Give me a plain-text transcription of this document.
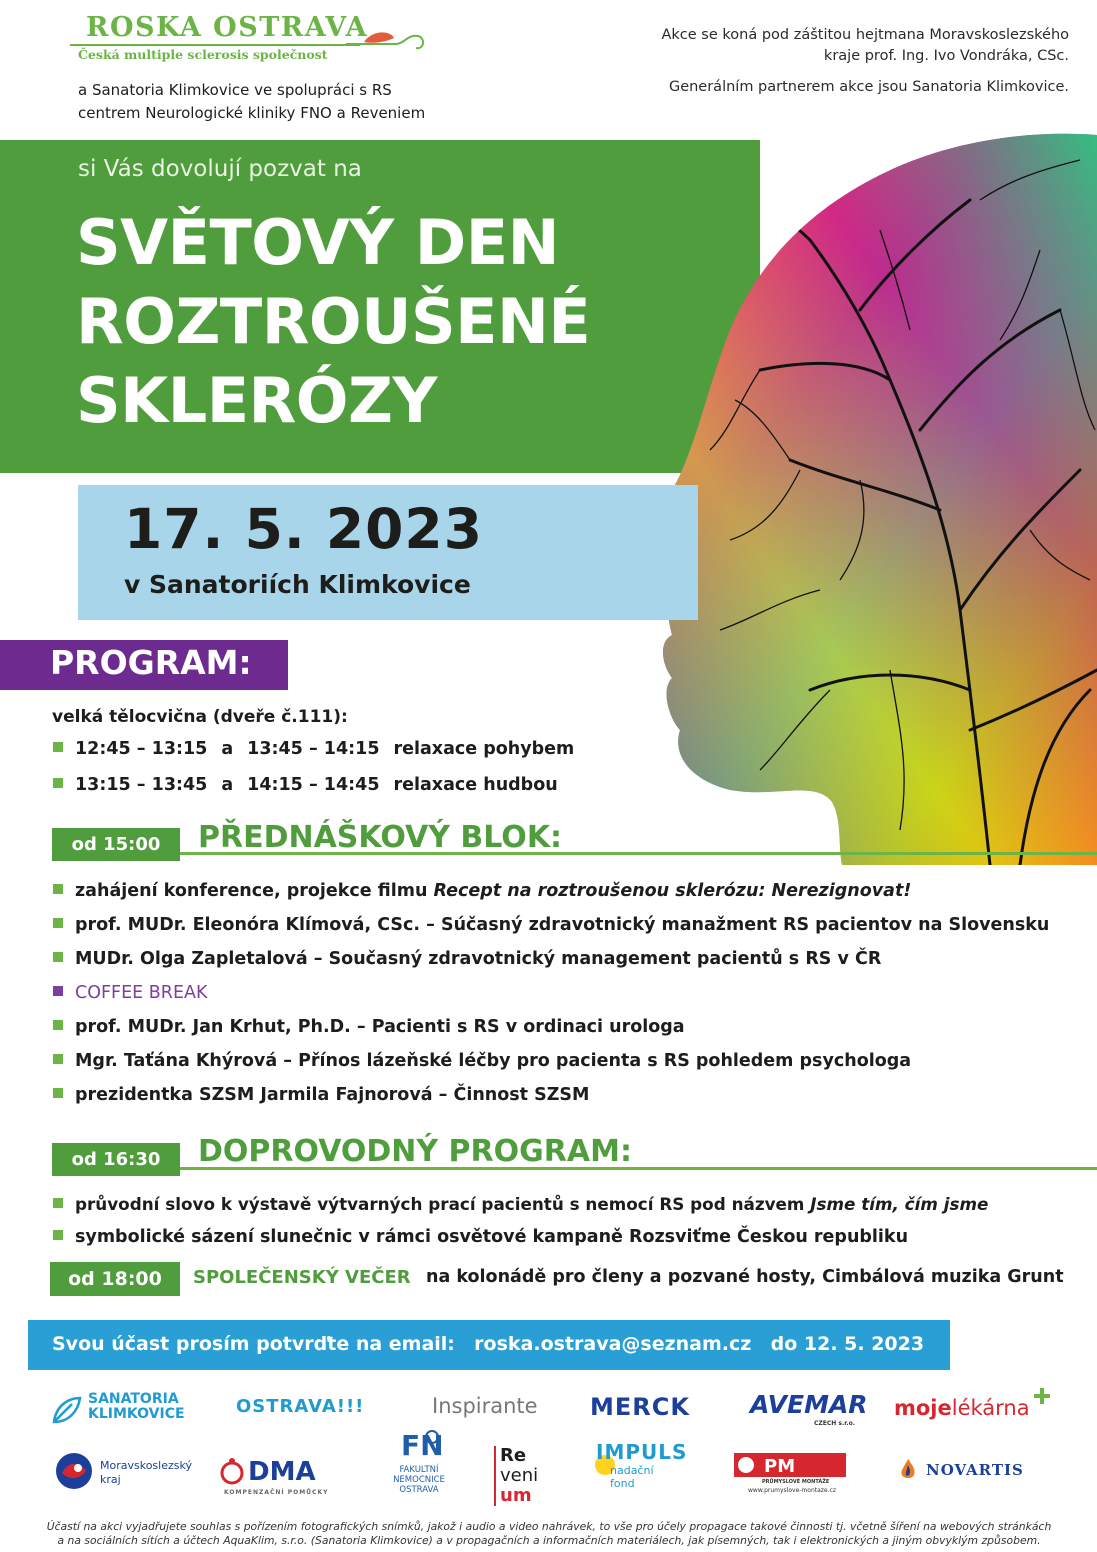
ROSKA OSTRAVA
Česká multiple sclerosis společnost
a Sanatoria Klimkovice ve spolupráci s RS
centrem Neurologické kliniky FNO a Reveniem
Akce se koná pod záštitou hejtmana Moravskoslezského
kraje prof. Ing. Ivo Vondráka, CSc.
Generálním partnerem akce jsou Sanatoria Klimkovice.
si Vás dovolují pozvat na
SVĚTOVÝ DEN
ROZTROUŠENÉ
SKLERÓZY
17. 5. 2023
v Sanatoriích Klimkovice
PROGRAM:
velká tělocvična (dveře č.111):
12:45 – 13:15 a 13:45 – 14:15 relaxace pohybem
13:15 – 13:45 a 14:15 – 14:45 relaxace hudbou
od 15:00	PŘEDNÁŠKOVÝ BLOK:
zahájení konference, projekce filmu Recept na roztroušenou sklerózu: Nerezignovat!
prof. MUDr. Eleonóra Klímová, CSc. – Súčasný zdravotnický manažment RS pacientov na Slovensku
MUDr. Olga Zapletalová – Současný zdravotnický management pacientů s RS v ČR
COFFEE BREAK
prof. MUDr. Jan Krhut, Ph.D. – Pacienti s RS v ordinaci urologa
Mgr. Taťána Khýrová – Přínos lázeňské léčby pro pacienta s RS pohledem psychologa
prezidentka SZSM Jarmila Fajnorová – Činnost SZSM
od 16:30	DOPROVODNÝ PROGRAM:
průvodní slovo k výstavě výtvarných prací pacientů s nemocí RS pod názvem Jsme tím, čím jsme
symbolické sázení slunečnic v rámci osvětové kampaně Rozsviťme Českou republiku
od 18:00	SPOLEČENSKÝ VEČER na kolonádě pro členy a pozvané hosty, Cimbálová muzika Grunt
Svou účast prosím potvrďte na email: roska.ostrava@seznam.cz do 12. 5. 2023
SANATORIA
KLIMKOVICE	OSTRAVA!!!	Inspirante MERCK AVEMAR
CZECH s.r.o.
mojelékárna
Moravskoslezský
kraj	DMA
KOMPENZAČNÍ POMŮCKY
FN
FAKULTNÍ
NEMOCNICE
OSTRAVA
Re
veni
um
IMPULS
nadační
fond
PM
PRŮMYSLOVÉ MONTÁŽE
www.prumyslove-montaze.cz
NOVARTIS
Účastí na akci vyjadřujete souhlas s pořízením fotografických snímků, jakož i audio a video nahrávek, to vše pro účely propagace takové činnosti tj. včetně šíření na webových stránkách
a na sociálních sítích a účtech AquaKlim, s.r.o. (Sanatoria Klimkovice) a v propagačních a informačních materiálech, jak písemných, tak i elektronických a jiným obvyklým způsobem.
